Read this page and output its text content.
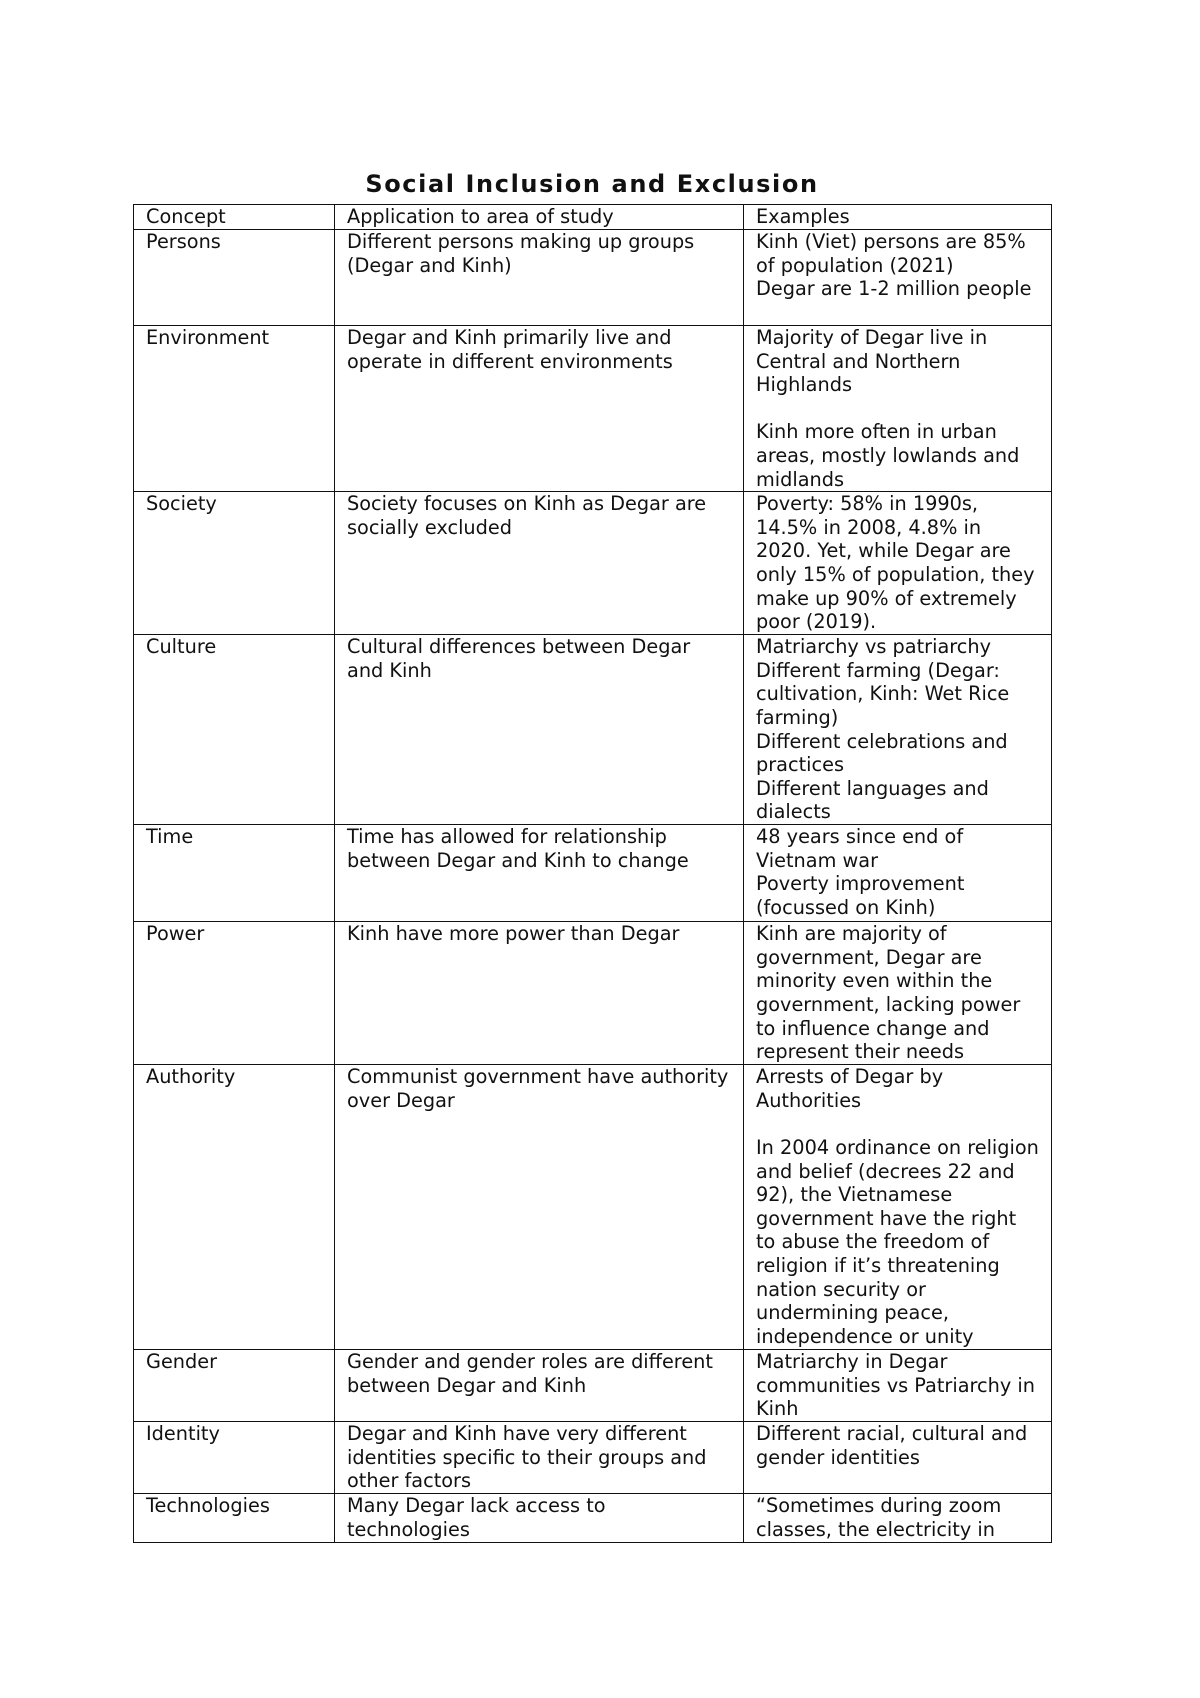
Social Inclusion and Exclusion
Concept	Application to area of study	Examples
Persons	Different persons making up groups (Degar and Kinh)	Kinh (Viet) persons are 85% of population (2021)
Degar are 1-2 million people
Environment	Degar and Kinh primarily live and operate in different environments	Majority of Degar live in Central and Northern Highlands

Kinh more often in urban areas, mostly lowlands and midlands
Society	Society focuses on Kinh as Degar are socially excluded	Poverty: 58% in 1990s, 14.5% in 2008, 4.8% in 2020. Yet, while Degar are only 15% of population, they make up 90% of extremely poor (2019).
Culture	Cultural differences between Degar and Kinh	Matriarchy vs patriarchy
Different farming (Degar: cultivation, Kinh: Wet Rice farming)
Different celebrations and practices
Different languages and dialects
Time	Time has allowed for relationship between Degar and Kinh to change	48 years since end of Vietnam war
Poverty improvement (focussed on Kinh)
Power	Kinh have more power than Degar	Kinh are majority of government, Degar are minority even within the government, lacking power to influence change and represent their needs
Authority	Communist government have authority over Degar	Arrests of Degar by Authorities

In 2004 ordinance on religion and belief (decrees 22 and 92), the Vietnamese government have the right to abuse the freedom of religion if it’s threatening nation security or undermining peace, independence or unity
Gender	Gender and gender roles are different between Degar and Kinh	Matriarchy in Degar communities vs Patriarchy in Kinh
Identity	Degar and Kinh have very different identities specific to their groups and other factors	Different racial, cultural and gender identities
Technologies	Many Degar lack access to technologies	“Sometimes during zoom classes, the electricity in
